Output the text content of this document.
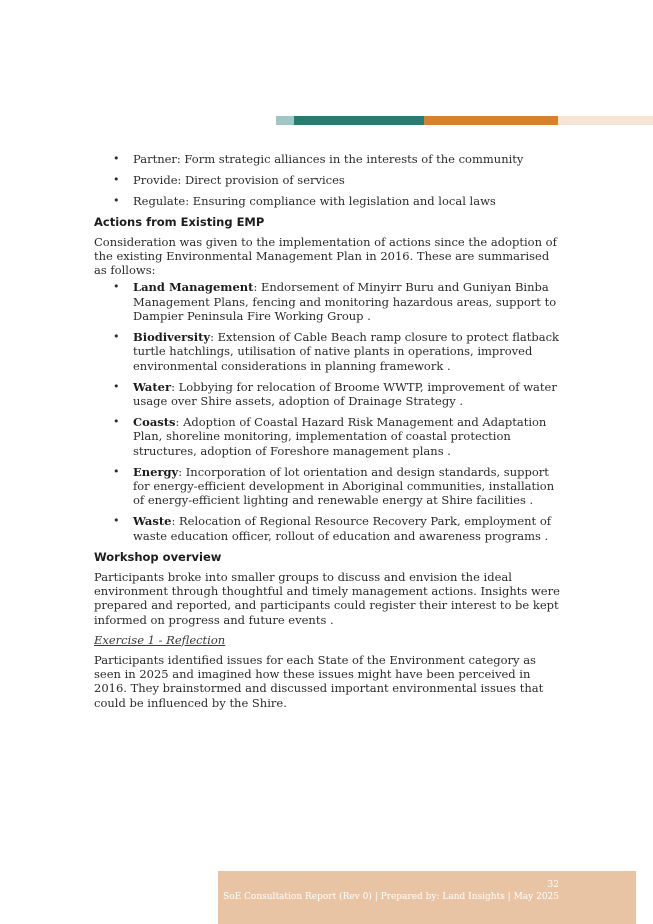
• Partner: Form strategic alliances in the interests of the community
• Provide: Direct provision of services
• Regulate: Ensuring compliance with legislation and local laws
Actions from Existing EMP

Consideration was given to the implementation of actions since the adoption of the existing Environmental Management Plan in 2016. These are summarised as follows:

• Land Management: Endorsement of Minyirr Buru and Guniyan Binba Management Plans, fencing and monitoring hazardous areas, support to Dampier Peninsula Fire Working Group .
• Biodiversity: Extension of Cable Beach ramp closure to protect flatback turtle hatchlings, utilisation of native plants in operations, improved environmental considerations in planning framework .
• Water: Lobbying for relocation of Broome WWTP, improvement of water usage over Shire assets, adoption of Drainage Strategy .
• Coasts: Adoption of Coastal Hazard Risk Management and Adaptation Plan, shoreline monitoring, implementation of coastal protection structures, adoption of Foreshore management plans .
• Energy: Incorporation of lot orientation and design standards, support for energy-efficient development in Aboriginal communities, installation of energy-efficient lighting and renewable energy at Shire facilities .
• Waste: Relocation of Regional Resource Recovery Park, employment of waste education officer, rollout of education and awareness programs .
Workshop overview

Participants broke into smaller groups to discuss and envision the ideal environment through thoughtful and timely management actions. Insights were prepared and reported, and participants could register their interest to be kept informed on progress and future events .

Exercise 1 - Reflection

Participants identified issues for each State of the Environment category as seen in 2025 and imagined how these issues might have been perceived in 2016. They brainstormed and discussed important environmental issues that could be influenced by the Shire.

32
SoE Consultation Report (Rev 0) | Prepared by: Land Insights | May 2025
